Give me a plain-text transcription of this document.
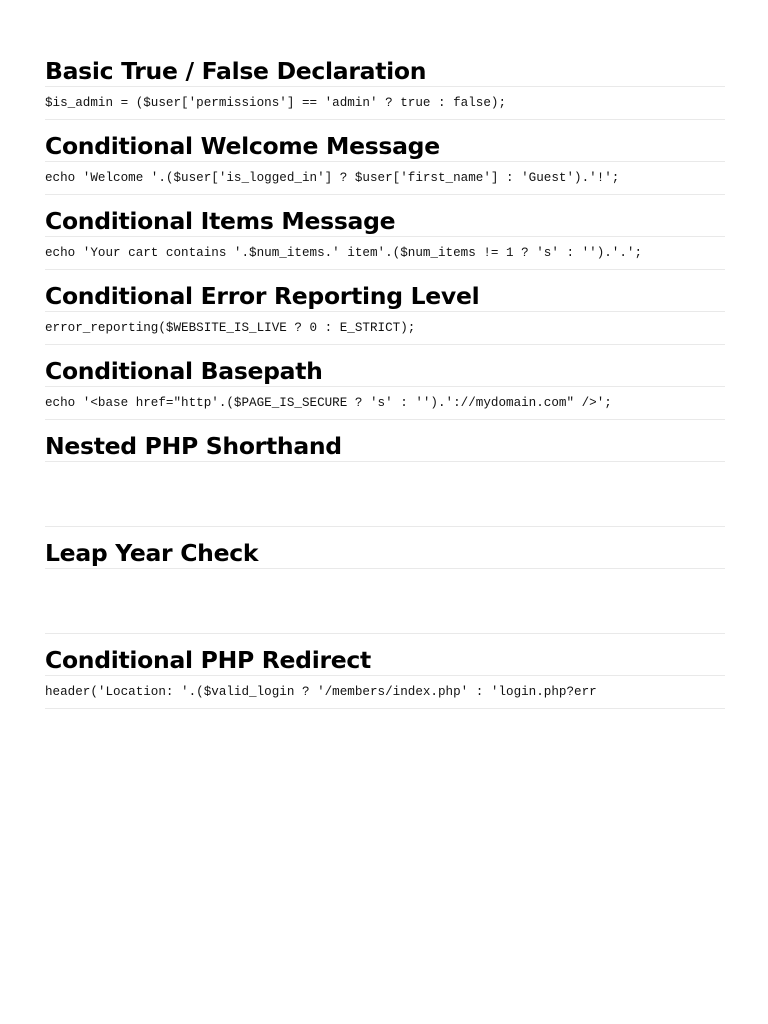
Basic True / False Declaration
$is_admin = ($user['permissions'] == 'admin' ? true : false);
Conditional Welcome Message
echo 'Welcome '.($user['is_logged_in'] ? $user['first_name'] : 'Guest').'!';
Conditional Items Message
echo 'Your cart contains '.$num_items.' item'.($num_items != 1 ? 's' : '').'.';
Conditional Error Reporting Level
error_reporting($WEBSITE_IS_LIVE ? 0 : E_STRICT);
Conditional Basepath
echo '<base href="http'.($PAGE_IS_SECURE ? 's' : '').'://mydomain.com" />';
Nested PHP Shorthand

Leap Year Check

Conditional PHP Redirect
header('Location: '.($valid_login ? '/members/index.php' : 'login.php?err
